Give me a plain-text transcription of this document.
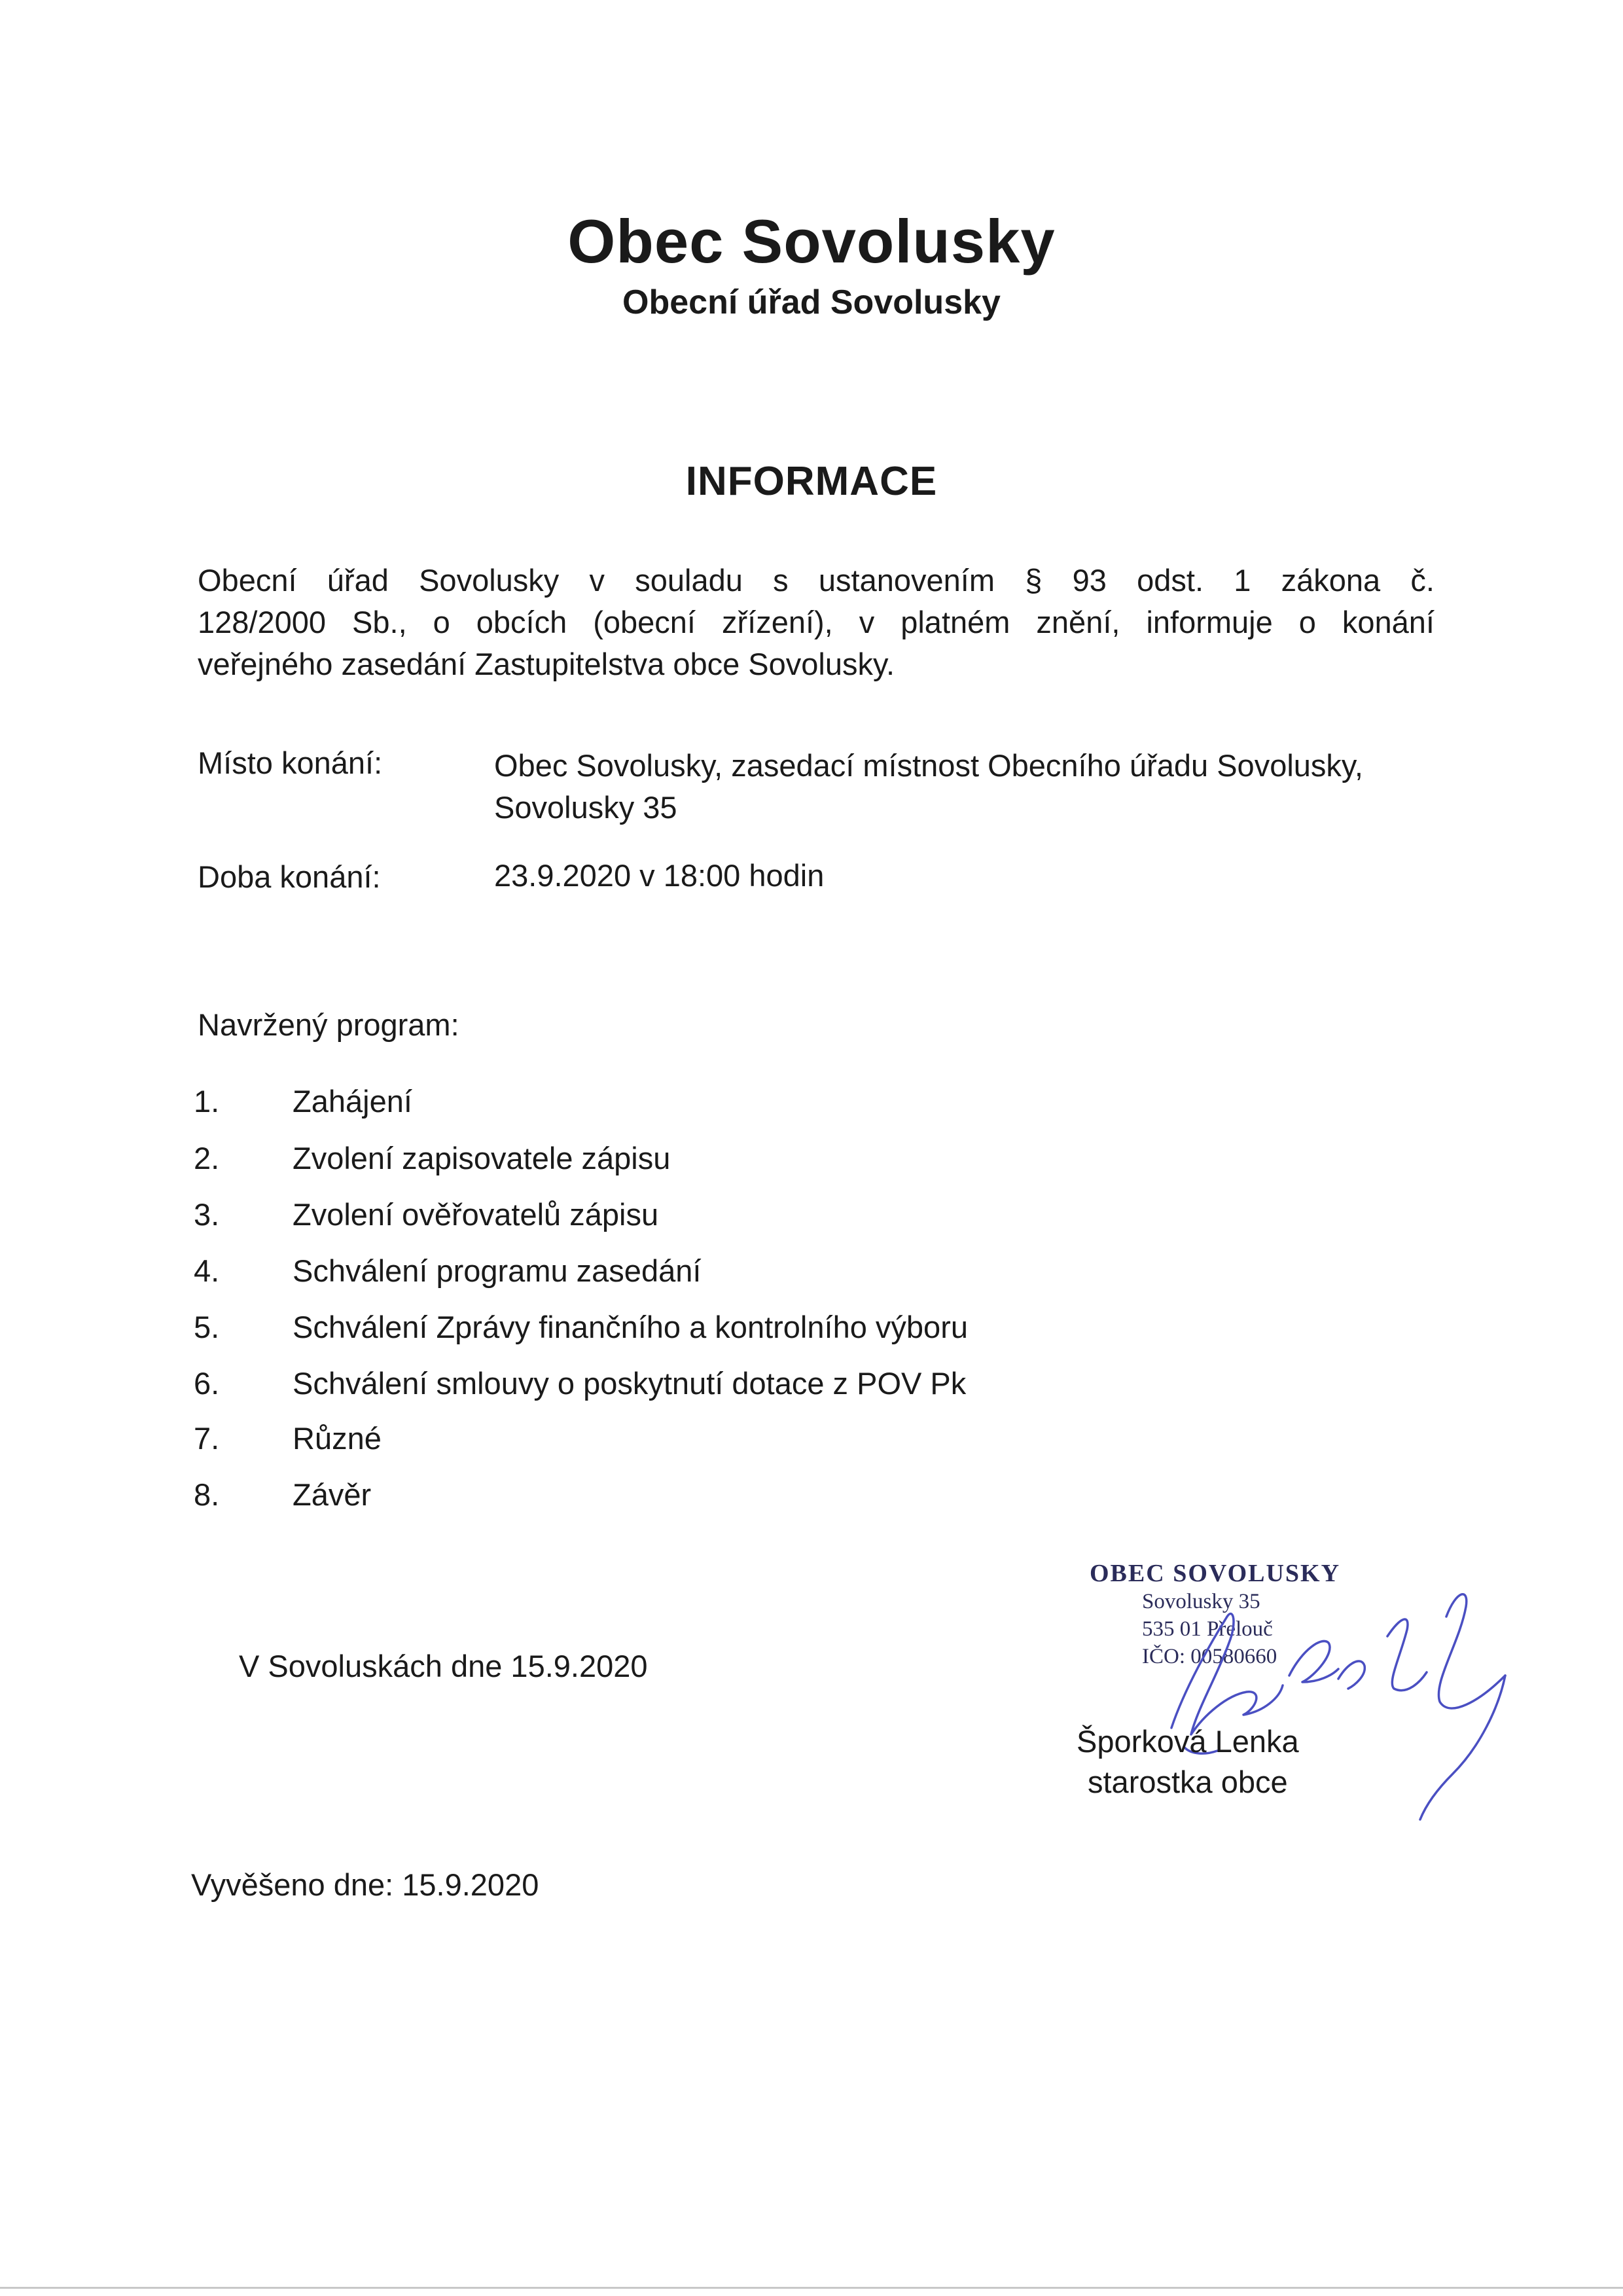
Obec Sovolusky
Obecní úřad Sovolusky
INFORMACE
Obecní úřad Sovolusky v souladu s ustanovením § 93 odst. 1 zákona č.
128/2000 Sb., o obcích (obecní zřízení), v platném znění, informuje o konání
veřejného zasedání Zastupitelstva obce Sovolusky.
Místo konání:	Obec Sovolusky, zasedací místnost Obecního úřadu Sovolusky,
Sovolusky 35
Doba konání:	23.9.2020 v 18:00 hodin
Navržený program:
1. Zahájení
2. Zvolení zapisovatele zápisu
3. Zvolení ověřovatelů zápisu
4. Schválení programu zasedání
5. Schválení Zprávy finančního a kontrolního výboru
6. Schválení smlouvy o poskytnutí dotace z POV Pk
7. Různé
8. Závěr
V Sovoluskách dne 15.9.2020
OBEC SOVOLUSKY
Sovolusky 35
535 01 Přelouč
IČO: 00580660
Šporková Lenka
starostka obce
Vyvěšeno dne: 15.9.2020
